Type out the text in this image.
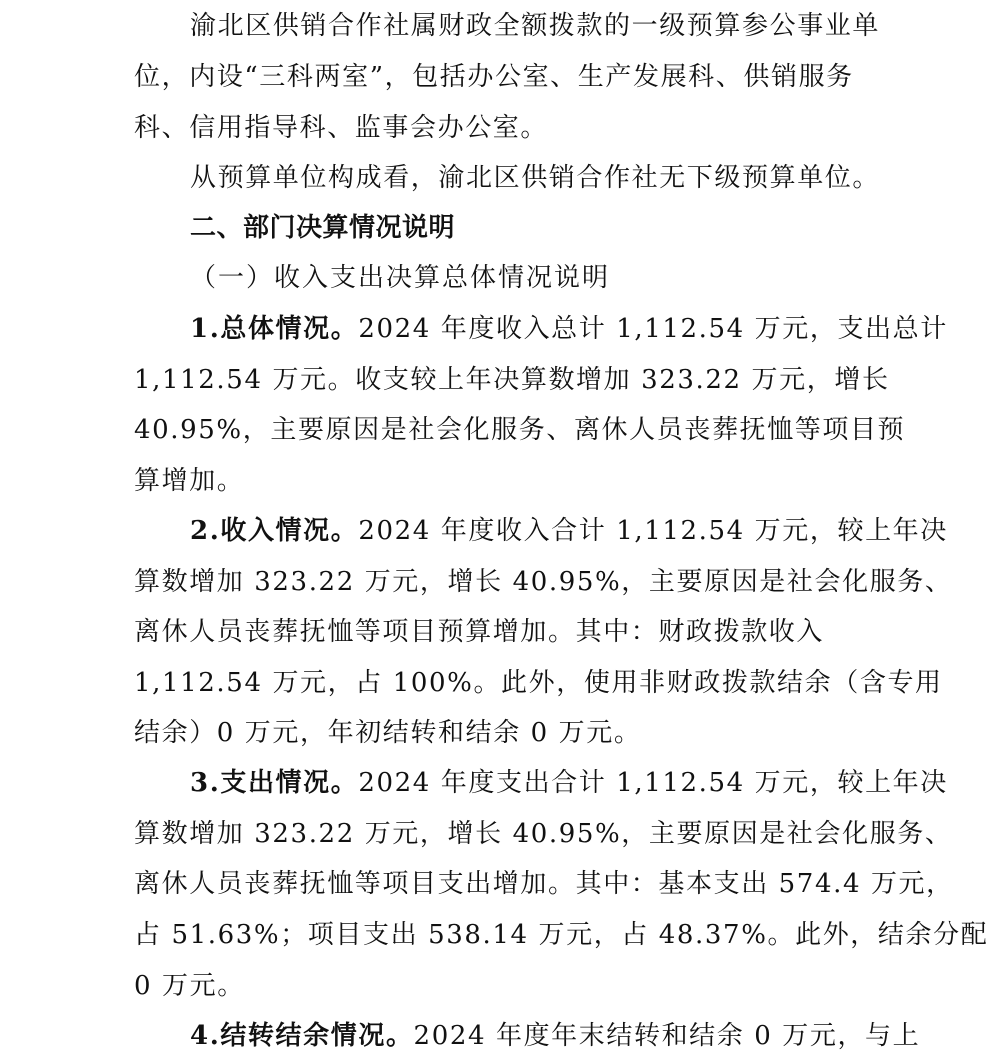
渝北区供销合作社属财政全额拨款的一级预算参公事业单
位，内设“三科两室”，包括办公室、生产发展科、供销服务
科、信用指导科、监事会办公室。
从预算单位构成看，渝北区供销合作社无下级预算单位。
二、部门决算情况说明
（一）收入支出决算总体情况说明
1.总体情况。2024 年度收入总计 1,112.54 万元，支出总计
1,112.54 万元。收支较上年决算数增加 323.22 万元，增长
40.95%，主要原因是社会化服务、离休人员丧葬抚恤等项目预
算增加。
2.收入情况。2024 年度收入合计 1,112.54 万元，较上年决
算数增加 323.22 万元，增长 40.95%，主要原因是社会化服务、
离休人员丧葬抚恤等项目预算增加。其中：财政拨款收入
1,112.54 万元，占 100%。此外，使用非财政拨款结余（含专用
结余）0 万元，年初结转和结余 0 万元。
3.支出情况。2024 年度支出合计 1,112.54 万元，较上年决
算数增加 323.22 万元，增长 40.95%，主要原因是社会化服务、
离休人员丧葬抚恤等项目支出增加。其中：基本支出 574.4 万元，
占 51.63%；项目支出 538.14 万元，占 48.37%。此外，结余分配
0 万元。
4.结转结余情况。2024 年度年末结转和结余 0 万元，与上
